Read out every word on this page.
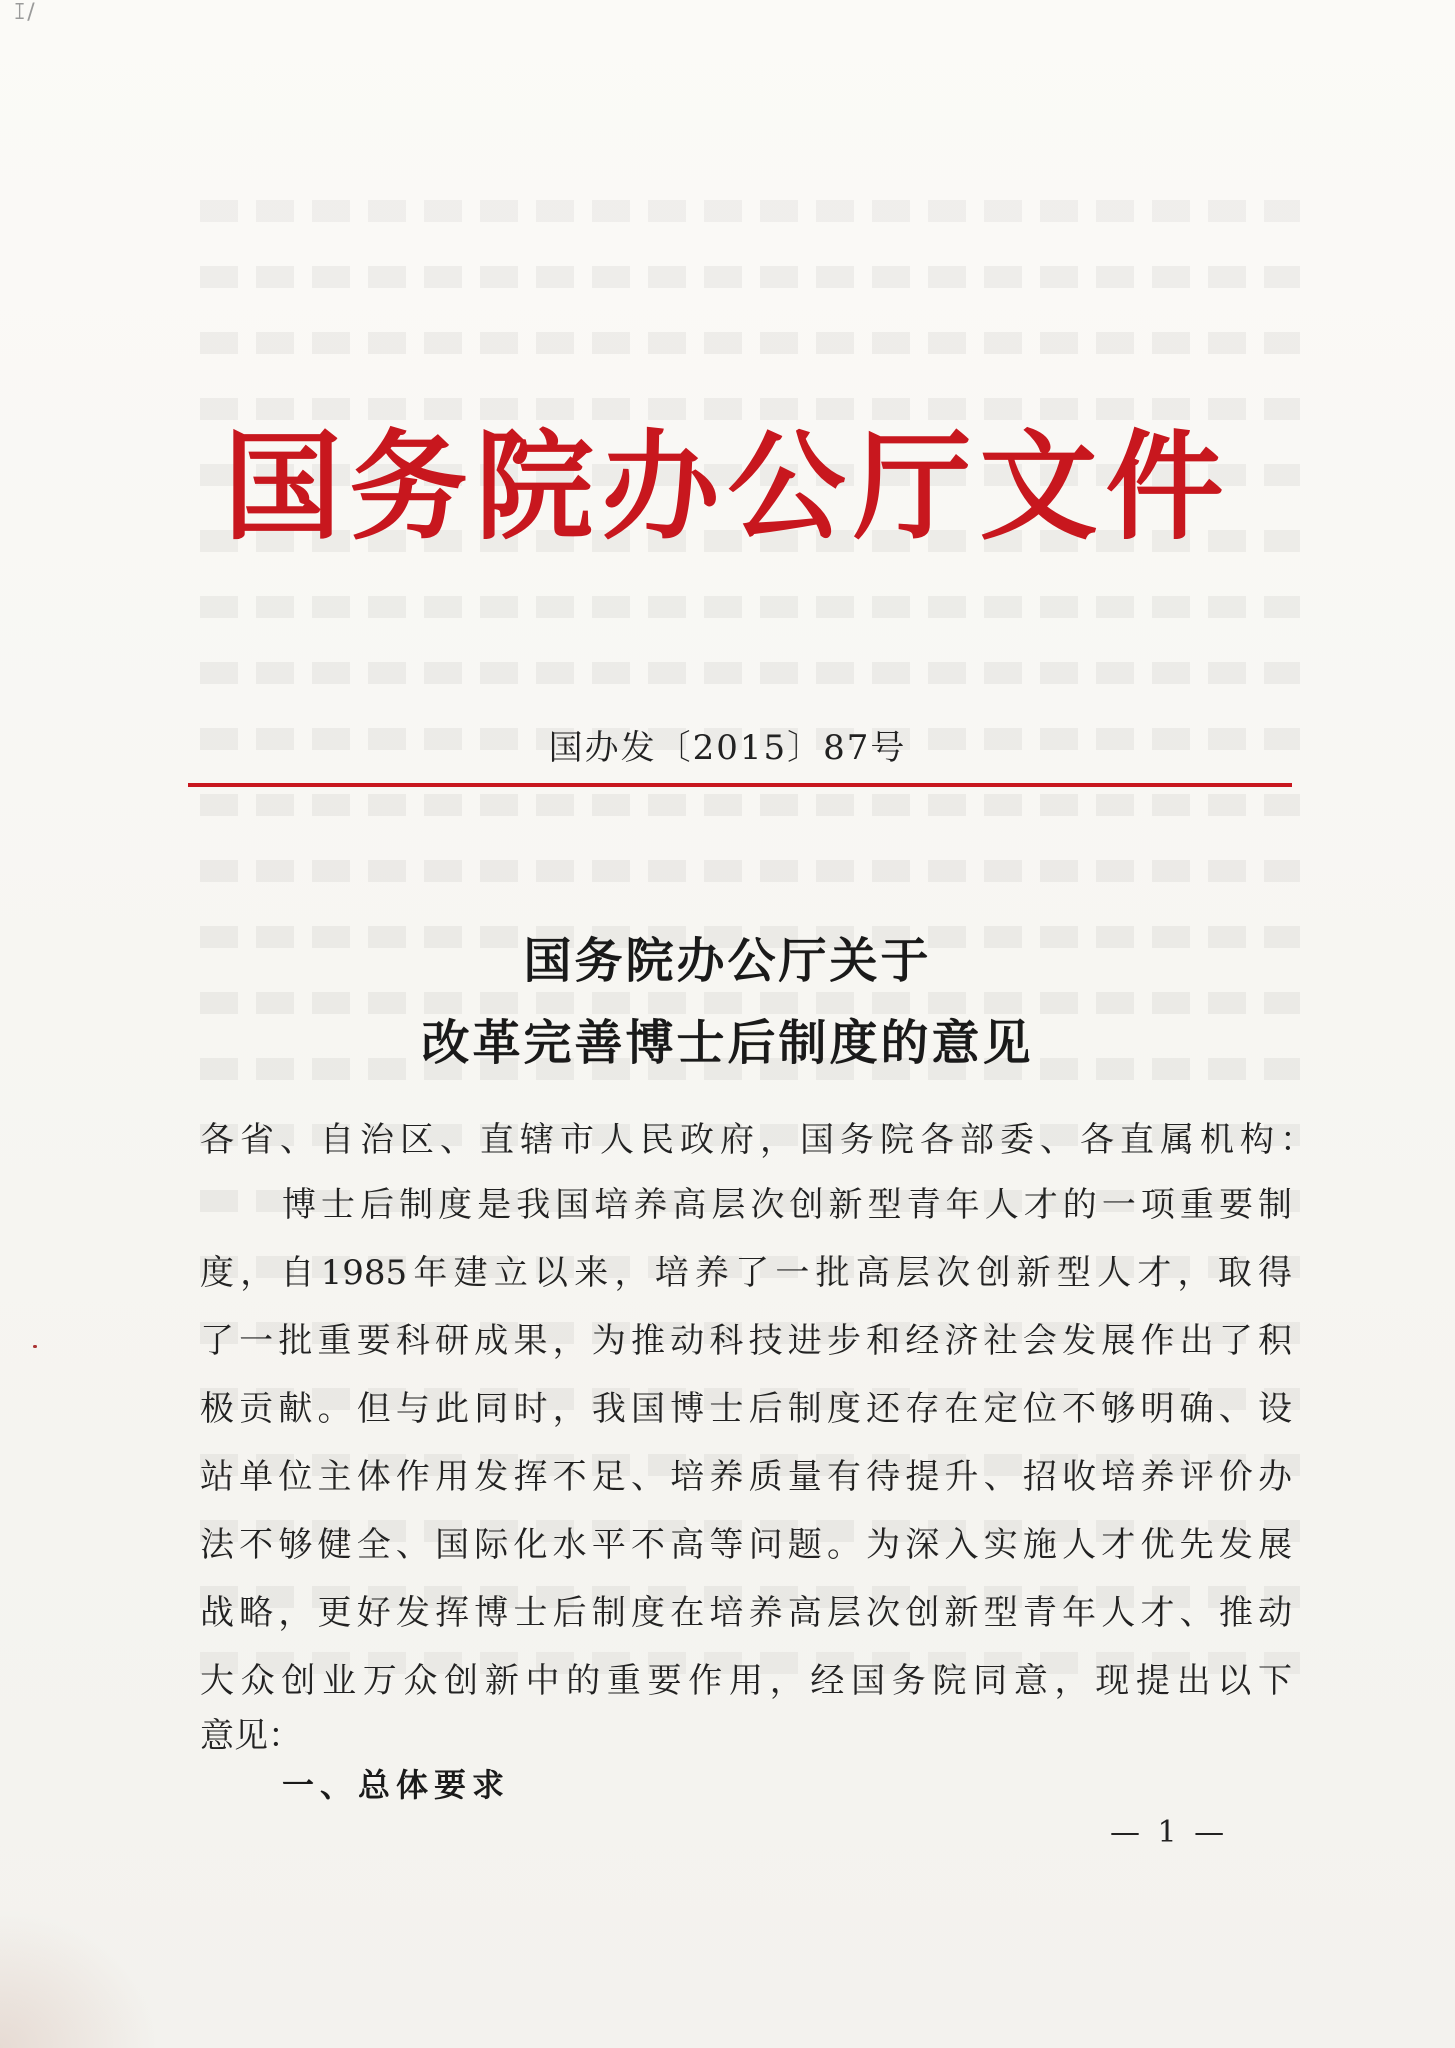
ꕯ/
国务院办公厅文件
国办发〔2015〕87号
国务院办公厅关于
改革完善博士后制度的意见
各省、自治区、直辖市人民政府，国务院各部委、各直属机构：
博士后制度是我国培养高层次创新型青年人才的一项重要制
度，自1985年建立以来，培养了一批高层次创新型人才，取得
了一批重要科研成果，为推动科技进步和经济社会发展作出了积
极贡献。但与此同时，我国博士后制度还存在定位不够明确、设
站单位主体作用发挥不足、培养质量有待提升、招收培养评价办
法不够健全、国际化水平不高等问题。为深入实施人才优先发展
战略，更好发挥博士后制度在培养高层次创新型青年人才、推动
大众创业万众创新中的重要作用，经国务院同意，现提出以下
意见：
一、总体要求
— 1 —
